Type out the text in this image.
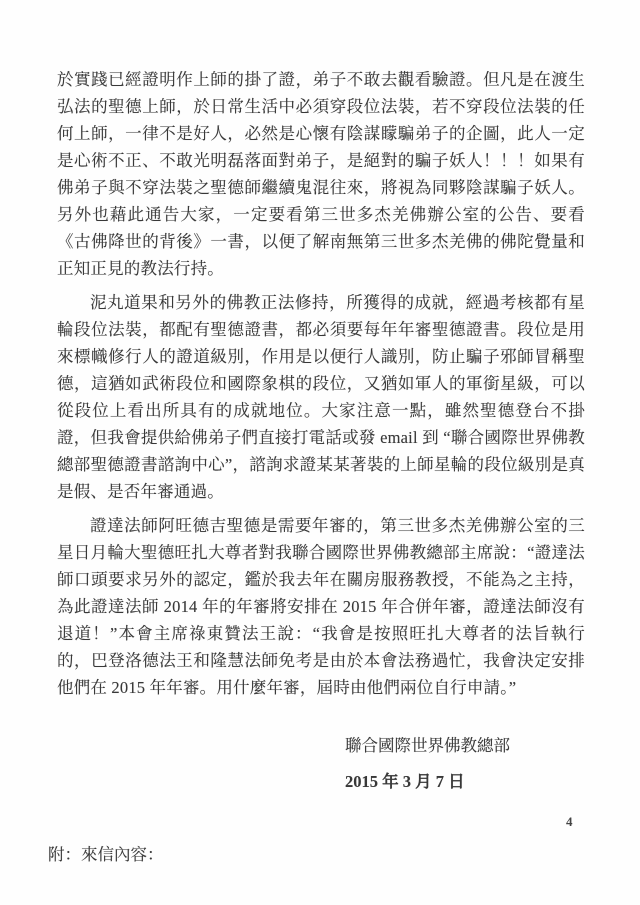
於實踐已經證明作上師的掛了證，弟子不敢去觀看驗證。但凡是在渡生弘法的聖德上師，於日常生活中必須穿段位法裝，若不穿段位法裝的任何上師，一律不是好人，必然是心懷有陰謀矇騙弟子的企圖，此人一定是心術不正、不敢光明磊落面對弟子，是絕對的騙子妖人！！！如果有佛弟子與不穿法裝之聖德師繼續鬼混往來，將視為同夥陰謀騙子妖人。另外也藉此通告大家，一定要看第三世多杰羌佛辦公室的公告、要看《古佛降世的背後》一書，以便了解南無第三世多杰羌佛的佛陀覺量和正知正見的教法行持。

泥丸道果和另外的佛教正法修持，所獲得的成就，經過考核都有星輪段位法裝，都配有聖德證書，都必須要每年年審聖德證書。段位是用來標幟修行人的證道級別，作用是以便行人識別，防止騙子邪師冒稱聖德，這猶如武術段位和國際象棋的段位，又猶如軍人的軍銜星級，可以從段位上看出所具有的成就地位。大家注意一點，雖然聖德登台不掛證，但我會提供給佛弟子們直接打電話或發 email 到 “聯合國際世界佛教總部聖德證書諮詢中心”，諮詢求證某某著裝的上師星輪的段位級別是真是假、是否年審通過。

證達法師阿旺德吉聖德是需要年審的，第三世多杰羌佛辦公室的三星日月輪大聖德旺扎大尊者對我聯合國際世界佛教總部主席說：“證達法師口頭要求另外的認定，鑑於我去年在關房服務教授，不能為之主持，為此證達法師 2014 年的年審將安排在 2015 年合併年審，證達法師沒有退道！”本會主席祿東贊法王說：“我會是按照旺扎大尊者的法旨執行的，巴登洛德法王和隆慧法師免考是由於本會法務過忙，我會決定安排他們在 2015 年年審。用什麼年審，屆時由他們兩位自行申請。”

聯合國際世界佛教總部
2015 年 3 月 7 日
附：來信內容：
4
